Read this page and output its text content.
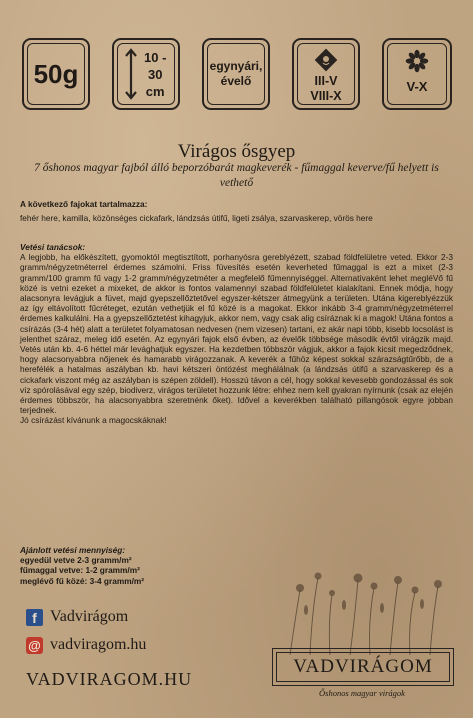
50g
10 -
30
cm
egynyári,
évelő	III-V
VIII-X
V-X
Virágos ősgyep
7 őshonos magyar fajból álló beporzóbarát magkeverék - fűmaggal keverve/fű helyett is vethető
A következő fajokat tartalmazza:
fehér here, kamilla, közönséges cickafark, lándzsás útifű, ligeti zsálya, szarvaskerep, vörös here
Vetési tanácsok:
A legjobb, ha előkészített, gyomoktól megtisztított, porhanyósra gereblyézett, szabad földfelületre veted. Ekkor 2-3 gramm/négyzetméterrel érdemes számolni. Friss füvesítés esetén keverheted fűmaggal is ezt a mixet (2-3 gramm/100 gramm fű vagy 1-2 gramm/négyzetméter a megfelelő fűmennyiséggel. Alternatívaként lehet megléVő fű közé is vetni ezeket a mixeket, de akkor is fontos valamennyi szabad földfelületet kialakítani. Ennek módja, hogy alacsonyra levágjuk a füvet, majd gyepszellőztetővel egyszer-kétszer átmegyünk a területen. Utána kigereblyézzük az így eltávolított fűcréteget, ezután vethetjük el fű közé is a magokat. Ekkor inkább 3-4 gramm/négyzetméterrel érdemes kalkulálni. Ha a gyepszellőztetést kihagyjuk, akkor nem, vagy csak alig csíráznak ki a magok! Utána fontos a csírázás (3-4 hét) alatt a területet folyamatosan nedvesen (nem vizesen) tartani, ez akár napi több, kisebb locsolást is jelenthet száraz, meleg idő esetén. Az egynyári fajok első évben, az évelők többsége második évtől virágzik majd. Vetés után kb. 4-6 héttel már levághatjuk egyszer. Ha kezdetben többször vágjuk, akkor a fajok kicsit megedződnek, hogy alacsonyabbra nőjenek és hamarabb virágozzanak. A keverék a fűhöz képest sokkal szárazságtűrőbb, de a herefélék a hatalmas aszályban kb. havi kétszeri öntözést meghálálnak (a lándzsás útifű a szarvaskerep és a cickafark viszont még az aszályban is szépen zöldell). Hosszú távon a cél, hogy sokkal kevesebb gondozással és sok víz spórolásával egy szép, biodiverz, virágos területet hozzunk létre: ehhez nem kell gyakran nyírnunk (csak az elején érdemes többször, ha alacsonyabbra szeretnénk őket). Idővel a keverékben található pillangósok egyre jobban terjednek.
Jó csírázást kívánunk a magocskáknak!
Ajánlott vetési mennyiség:
egyedül vetve 2-3 gramm/m²
fűmaggal vetve: 1-2 gramm/m²
meglévő fű közé: 3-4 gramm/m²
f Vadvirágom
@ vadviragom.hu
VADVIRAGOM.HU
VADVIRÁGOM
Őshonos magyar virágok
